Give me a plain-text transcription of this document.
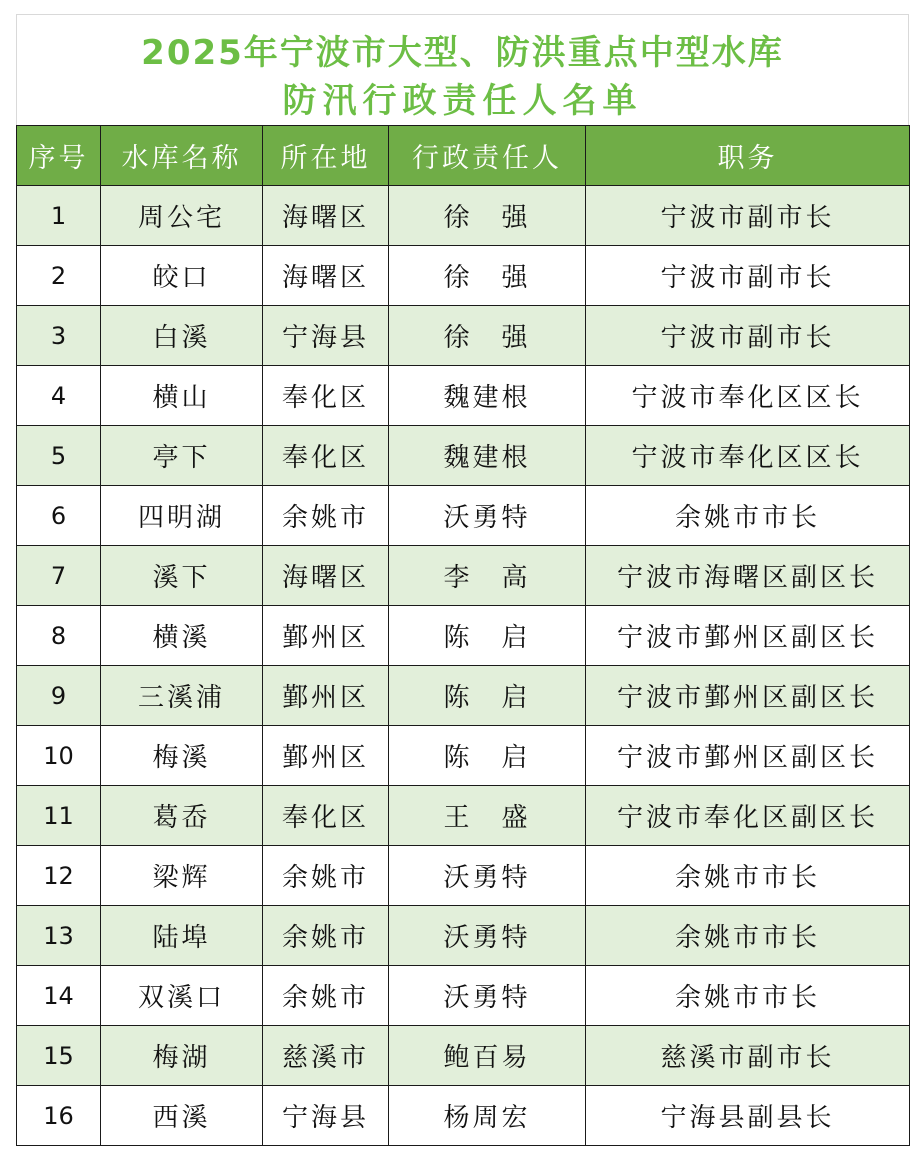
2025年宁波市大型、防洪重点中型水库
防汛行政责任人名单
序号	水库名称	所在地	行政责任人	职务
1	周公宅	海曙区	徐　强	宁波市副市长
2	皎口	海曙区	徐　强	宁波市副市长
3	白溪	宁海县	徐　强	宁波市副市长
4	横山	奉化区	魏建根	宁波市奉化区区长
5	亭下	奉化区	魏建根	宁波市奉化区区长
6	四明湖	余姚市	沃勇特	余姚市市长
7	溪下	海曙区	李　高	宁波市海曙区副区长
8	横溪	鄞州区	陈　启	宁波市鄞州区副区长
9	三溪浦	鄞州区	陈　启	宁波市鄞州区副区长
10	梅溪	鄞州区	陈　启	宁波市鄞州区副区长
11	葛岙	奉化区	王　盛	宁波市奉化区副区长
12	梁辉	余姚市	沃勇特	余姚市市长
13	陆埠	余姚市	沃勇特	余姚市市长
14	双溪口	余姚市	沃勇特	余姚市市长
15	梅湖	慈溪市	鲍百易	慈溪市副市长
16	西溪	宁海县	杨周宏	宁海县副县长
